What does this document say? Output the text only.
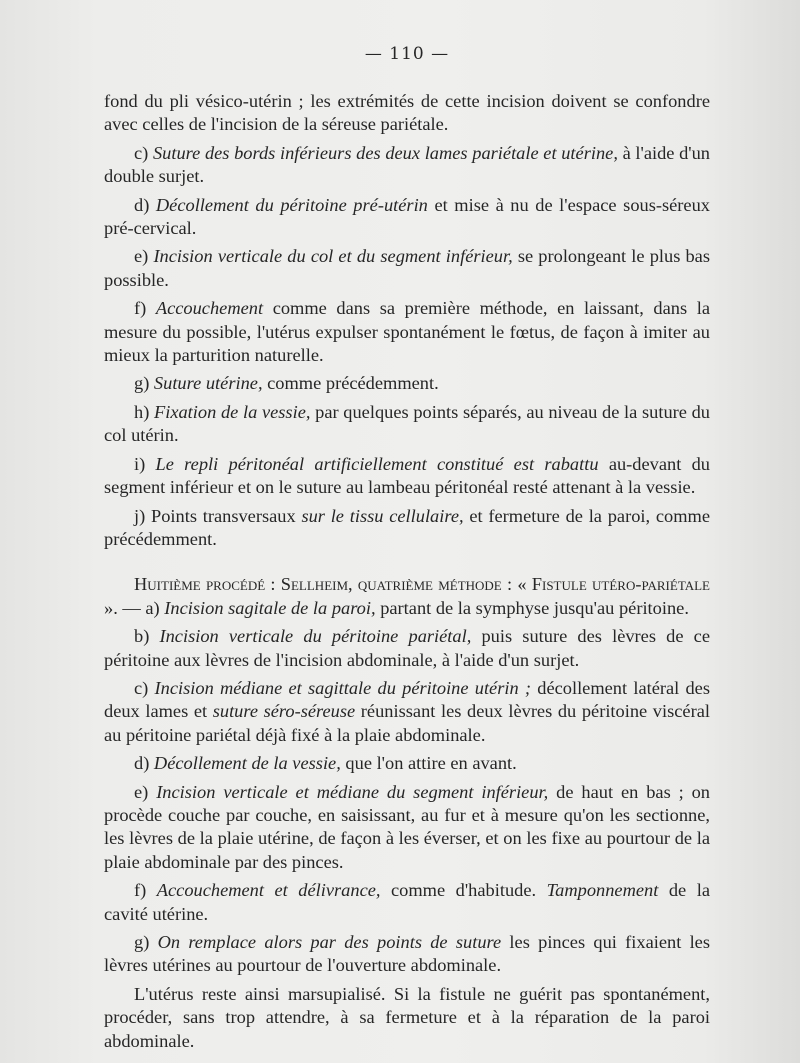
— 110 —

fond du pli vésico-utérin ; les extrémités de cette incision doivent se confondre avec celles de l'incision de la séreuse pariétale.

c) Suture des bords inférieurs des deux lames pariétale et utérine, à l'aide d'un double surjet.

d) Décollement du péritoine pré-utérin et mise à nu de l'espace sous-séreux pré-cervical.

e) Incision verticale du col et du segment inférieur, se prolongeant le plus bas possible.

f) Accouchement comme dans sa première méthode, en laissant, dans la mesure du possible, l'utérus expulser spontanément le fœtus, de façon à imiter au mieux la parturition naturelle.

g) Suture utérine, comme précédemment.

h) Fixation de la vessie, par quelques points séparés, au niveau de la suture du col utérin.

i) Le repli péritonéal artificiellement constitué est rabattu au-devant du segment inférieur et on le suture au lambeau péritonéal resté attenant à la vessie.

j) Points transversaux sur le tissu cellulaire, et fermeture de la paroi, comme précédemment.

Huitième procédé : Sellheim, quatrième méthode : « Fistule utéro-pariétale ». — a) Incision sagitale de la paroi, partant de la symphyse jusqu'au péritoine.

b) Incision verticale du péritoine pariétal, puis suture des lèvres de ce péritoine aux lèvres de l'incision abdominale, à l'aide d'un surjet.

c) Incision médiane et sagittale du péritoine utérin ; décollement latéral des deux lames et suture séro-séreuse réunissant les deux lèvres du péritoine viscéral au péritoine pariétal déjà fixé à la plaie abdominale.

d) Décollement de la vessie, que l'on attire en avant.

e) Incision verticale et médiane du segment inférieur, de haut en bas ; on procède couche par couche, en saisissant, au fur et à mesure qu'on les sectionne, les lèvres de la plaie utérine, de façon à les éverser, et on les fixe au pourtour de la plaie abdominale par des pinces.

f) Accouchement et délivrance, comme d'habitude. Tamponnement de la cavité utérine.

g) On remplace alors par des points de suture les pinces qui fixaient les lèvres utérines au pourtour de l'ouverture abdominale.

L'utérus reste ainsi marsupialisé. Si la fistule ne guérit pas spontanément, procéder, sans trop attendre, à sa fermeture et à la réparation de la paroi abdominale.
